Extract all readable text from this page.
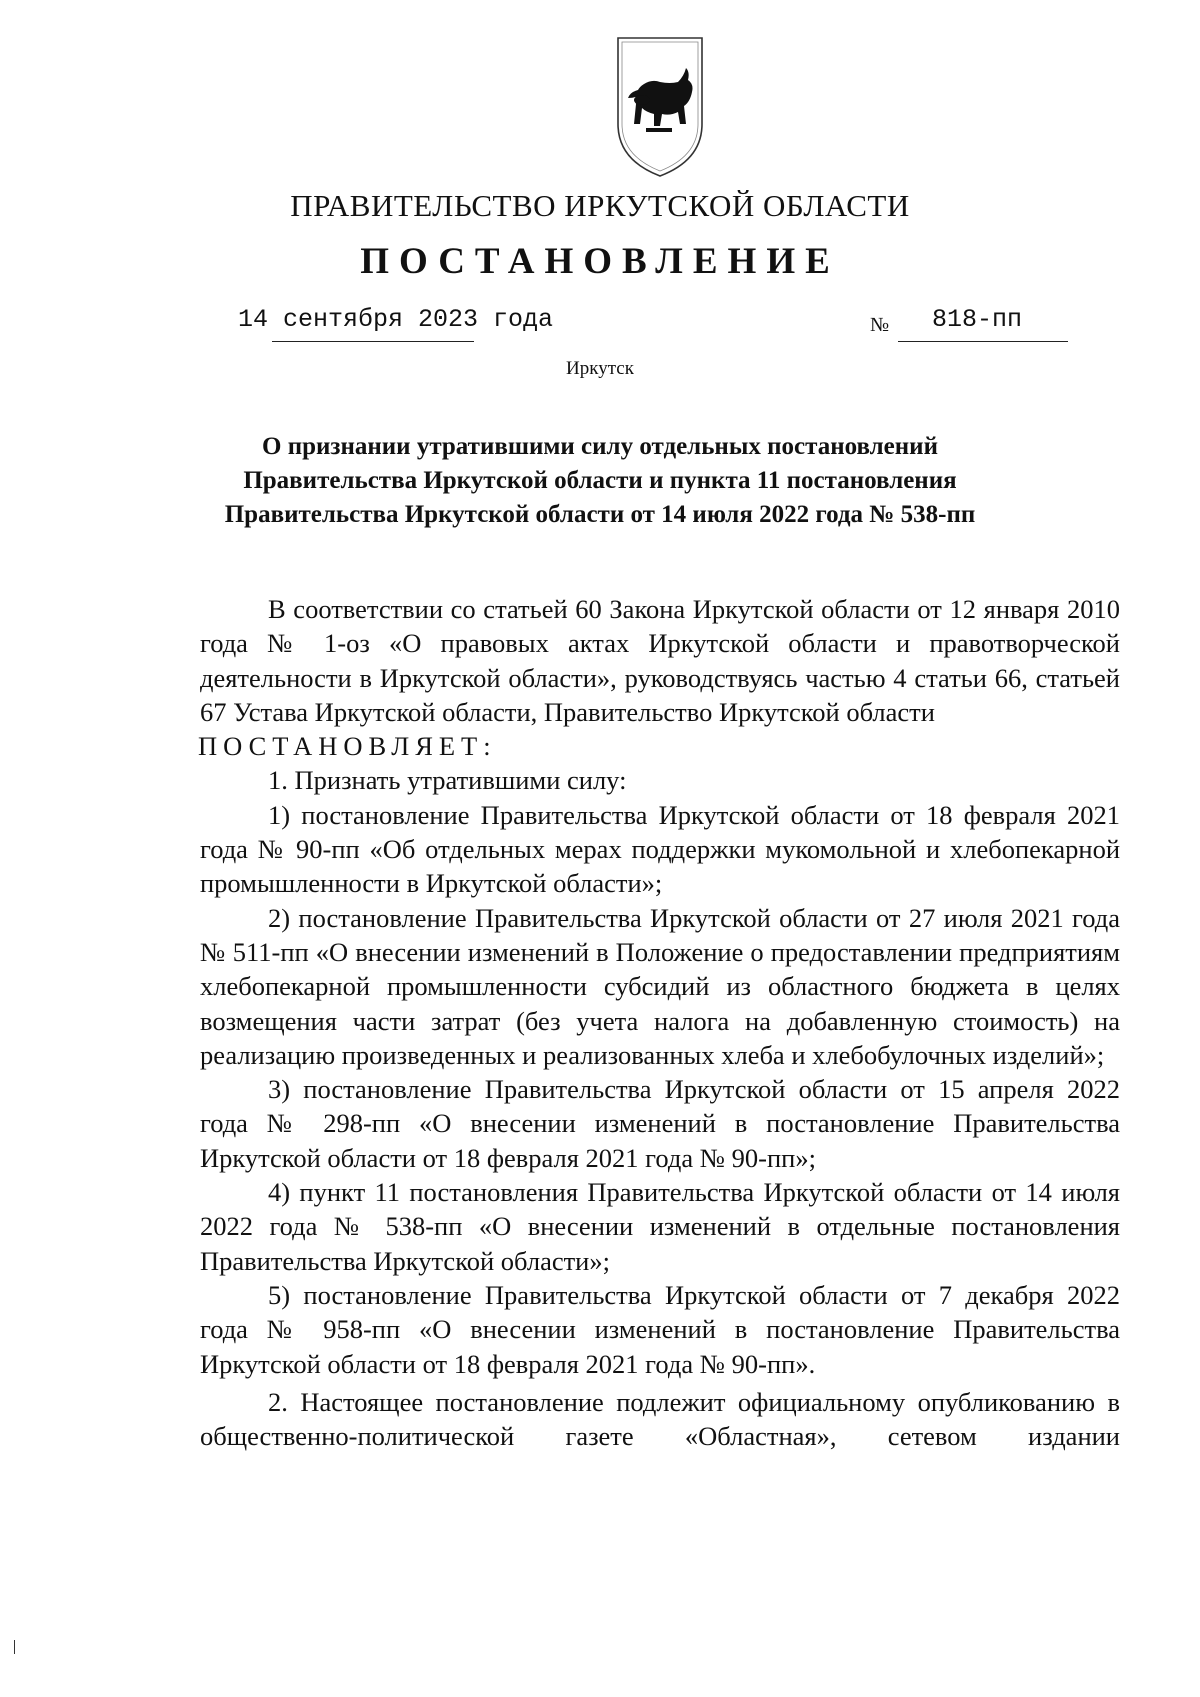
ПРАВИТЕЛЬСТВО ИРКУТСКОЙ ОБЛАСТИ
ПОСТАНОВЛЕНИЕ
14 сентября 2023 года	№ 818-пп
Иркутск
О признании утратившими силу отдельных постановлений
Правительства Иркутской области и пункта 11 постановления
Правительства Иркутской области от 14 июля 2022 года № 538-пп

В соответствии со статьей 60 Закона Иркутской области от 12 января 2010 года № 1-оз «О правовых актах Иркутской области и правотворческой деятельности в Иркутской области», руководствуясь частью 4 статьи 66, статьей 67 Устава Иркутской области, Правительство Иркутской области

ПОСТАНОВЛЯЕТ:

1. Признать утратившими силу:

1) постановление Правительства Иркутской области от 18 февраля 2021 года № 90-пп «Об отдельных мерах поддержки мукомольной и хлебопекарной промышленности в Иркутской области»;

2) постановление Правительства Иркутской области от 27 июля 2021 года № 511-пп «О внесении изменений в Положение о предоставлении предприятиям хлебопекарной промышленности субсидий из областного бюджета в целях возмещения части затрат (без учета налога на добавленную стоимость) на реализацию произведенных и реализованных хлеба и хлебобулочных изделий»;

3) постановление Правительства Иркутской области от 15 апреля 2022 года № 298-пп «О внесении изменений в постановление Правительства Иркутской области от 18 февраля 2021 года № 90-пп»;

4) пункт 11 постановления Правительства Иркутской области от 14 июля 2022 года № 538-пп «О внесении изменений в отдельные постановления Правительства Иркутской области»;

5) постановление Правительства Иркутской области от 7 декабря 2022 года № 958-пп «О внесении изменений в постановление Правительства Иркутской области от 18 февраля 2021 года № 90-пп».

2. Настоящее постановление подлежит официальному опубликованию в общественно-политической газете «Областная», сетевом издании
